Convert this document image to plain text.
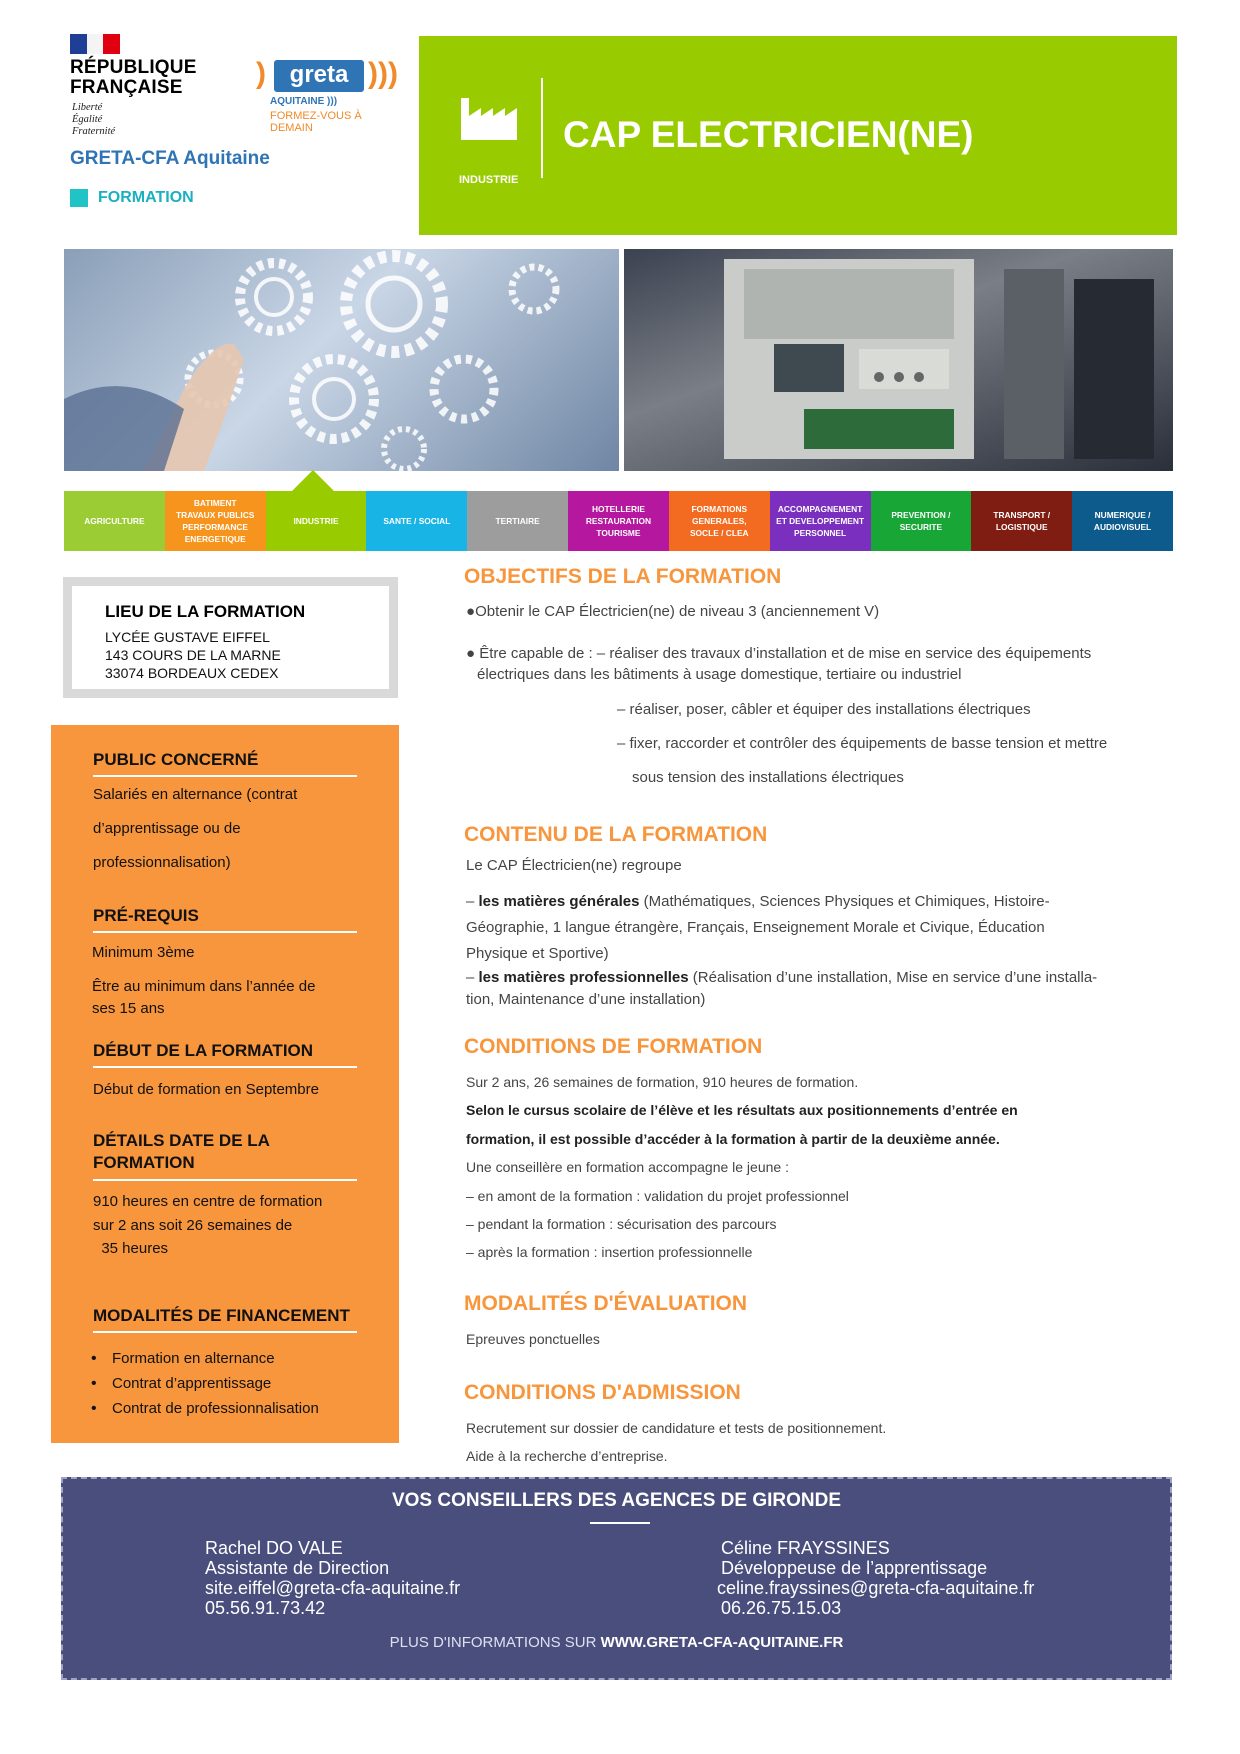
RÉPUBLIQUE
FRANÇAISE
Liberté
Égalité
Fraternité
) greta )))
AQUITAINE )))
FORMEZ-VOUS À DEMAIN
GRETA-CFA Aquitaine
FORMATION
INDUSTRIE
CAP ELECTRICIEN(NE)
AGRICULTURE
BATIMENT
TRAVAUX PUBLICS
PERFORMANCE
ENERGETIQUE
INDUSTRIE	SANTE / SOCIAL	TERTIAIRE
HOTELLERIE
RESTAURATION
TOURISME
FORMATIONS
GENERALES,
SOCLE / CLEA
ACCOMPAGNEMENT
ET DEVELOPPEMENT
PERSONNEL
PREVENTION /
SECURITE
TRANSPORT /
LOGISTIQUE
NUMERIQUE /
AUDIOVISUEL
LIEU DE LA FORMATION
LYCÉE GUSTAVE EIFFEL
143 COURS DE LA MARNE
33074 BORDEAUX CEDEX
PUBLIC CONCERNÉ
Salariés en alternance (contrat
d’apprentissage ou de
professionnalisation)
PRÉ-REQUIS
Minimum 3ème
Être au minimum dans l’année de
ses 15 ans
DÉBUT DE LA FORMATION
Début de formation en Septembre
DÉTAILS DATE DE LA
FORMATION
910 heures en centre de formation
sur 2 ans soit 26 semaines de
35 heures
MODALITÉS DE FINANCEMENT
• Formation en alternance
• Contrat d’apprentissage
• Contrat de professionnalisation
OBJECTIFS DE LA FORMATION
●Obtenir le CAP Électricien(ne) de niveau 3 (anciennement V)
● Être capable de : – réaliser des travaux d’installation et de mise en service des équipements
électriques dans les bâtiments à usage domestique, tertiaire ou industriel
– réaliser, poser, câbler et équiper des installations électriques
– fixer, raccorder et contrôler des équipements de basse tension et mettre
sous tension des installations électriques
CONTENU DE LA FORMATION
Le CAP Électricien(ne) regroupe
– les matières générales (Mathématiques, Sciences Physiques et Chimiques, Histoire-
Géographie, 1 langue étrangère, Français, Enseignement Morale et Civique, Éducation
Physique et Sportive)
– les matières professionnelles (Réalisation d’une installation, Mise en service d’une installa-
tion, Maintenance d’une installation)
CONDITIONS DE FORMATION
Sur 2 ans, 26 semaines de formation, 910 heures de formation.
Selon le cursus scolaire de l’élève et les résultats aux positionnements d’entrée en
formation, il est possible d’accéder à la formation à partir de la deuxième année.
Une conseillère en formation accompagne le jeune :
– en amont de la formation : validation du projet professionnel
– pendant la formation : sécurisation des parcours
– après la formation : insertion professionnelle
MODALITÉS D'ÉVALUATION
Epreuves ponctuelles
CONDITIONS D'ADMISSION
Recrutement sur dossier de candidature et tests de positionnement.
Aide à la recherche d’entreprise.
VOS CONSEILLERS DES AGENCES DE GIRONDE
Rachel DO VALE
Assistante de Direction
site.eiffel@greta-cfa-aquitaine.fr
05.56.91.73.42
Céline FRAYSSINES
Développeuse de l’apprentissage
celine.frayssines@greta-cfa-aquitaine.fr
06.26.75.15.03
PLUS D'INFORMATIONS SUR WWW.GRETA-CFA-AQUITAINE.FR
